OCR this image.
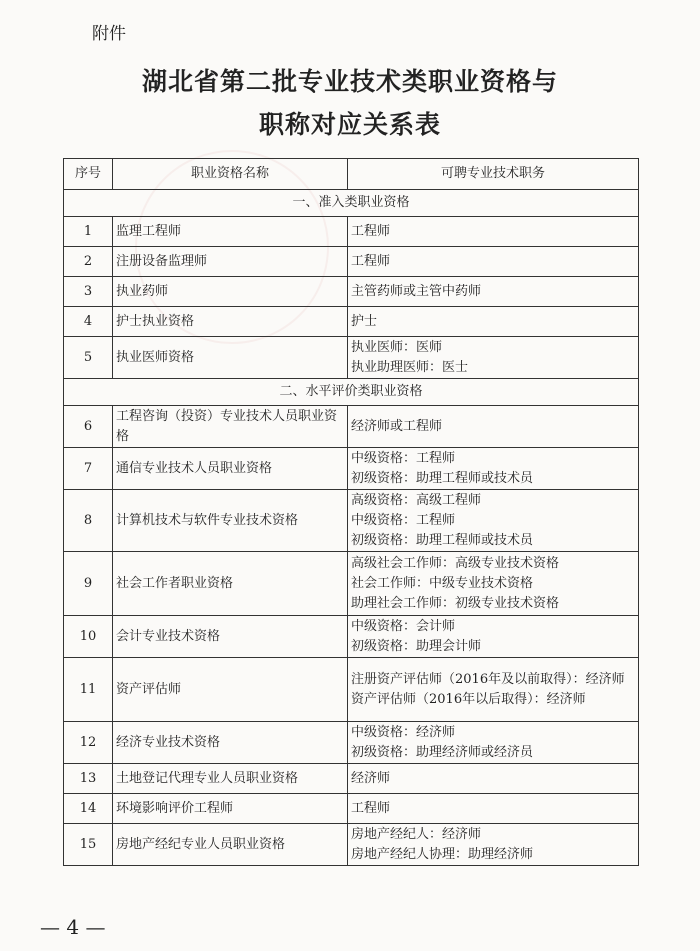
附件
湖北省第二批专业技术类职业资格与
职称对应关系表
序号	职业资格名称	可聘专业技术职务
一、准入类职业资格		
1	监理工程师	工程师

2	注册设备监理师	工程师

3	执业药师	主管药师或主管中药师

4	护士执业资格	护士

5	执业医师资格	执业医师：医师
执业助理医师：医士

二、水平评价类职业资格		
6	工程咨询（投资）专业技术人员职业资格	经济师或工程师

7	通信专业技术人员职业资格	中级资格：工程师
初级资格：助理工程师或技术员

8	计算机技术与软件专业技术资格	高级资格：高级工程师
中级资格：工程师
初级资格：助理工程师或技术员

9	社会工作者职业资格	高级社会工作师：高级专业技术资格
社会工作师：中级专业技术资格
助理社会工作师：初级专业技术资格

10	会计专业技术资格	中级资格：会计师
初级资格：助理会计师

11	资产评估师	注册资产评估师（2016年及以前取得）：经济师
资产评估师（2016年以后取得）：经济师

12	经济专业技术资格	中级资格：经济师
初级资格：助理经济师或经济员

13	土地登记代理专业人员职业资格	经济师

14	环境影响评价工程师	工程师

15	房地产经纪专业人员职业资格	房地产经纪人：经济师
房地产经纪人协理：助理经济师
— 4 —
